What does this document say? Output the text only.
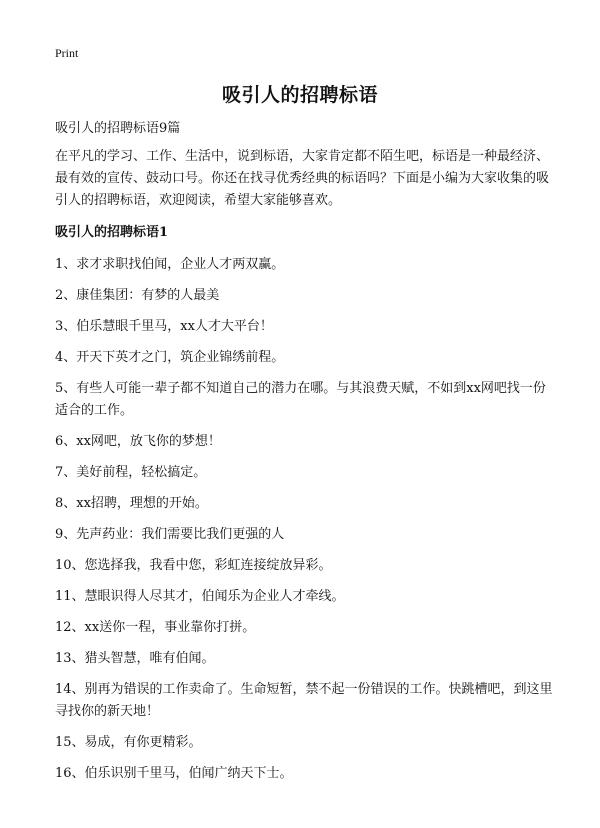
Print
吸引人的招聘标语

吸引人的招聘标语9篇

在平凡的学习、工作、生活中，说到标语，大家肯定都不陌生吧，标语是一种最经济、最有效的宣传、鼓动口号。你还在找寻优秀经典的标语吗？下面是小编为大家收集的吸引人的招聘标语，欢迎阅读，希望大家能够喜欢。

吸引人的招聘标语1

1、求才求职找伯闻，企业人才两双赢。
2、康佳集团：有梦的人最美
3、伯乐慧眼千里马，xx人才大平台！
4、开天下英才之门，筑企业锦绣前程。
5、有些人可能一辈子都不知道自己的潜力在哪。与其浪费天赋，不如到xx网吧找一份适合的工作。
6、xx网吧，放飞你的梦想！
7、美好前程，轻松搞定。
8、xx招聘，理想的开始。
9、先声药业：我们需要比我们更强的人
10、您选择我，我看中您，彩虹连接绽放异彩。
11、慧眼识得人尽其才，伯闻乐为企业人才牵线。
12、xx送你一程，事业靠你打拼。
13、猎头智慧，唯有伯闻。
14、别再为错误的工作卖命了。生命短暂，禁不起一份错误的工作。快跳槽吧，到这里寻找你的新天地！
15、易成，有你更精彩。
16、伯乐识别千里马，伯闻广纳天下士。
